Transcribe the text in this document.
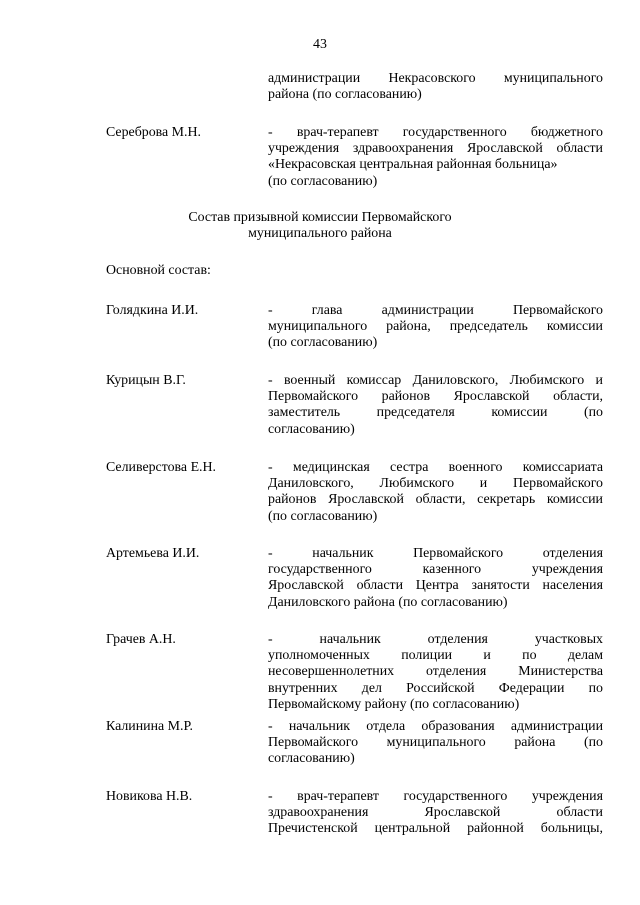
43
администрации Некрасовского муниципального
района (по согласованию)
Сереброва М.Н.	- врач-терапевт государственного бюджетного
учреждения здравоохранения Ярославской области
«Некрасовская центральная районная больница»
(по согласованию)
Состав призывной комиссии Первомайского
муниципального района
Основной состав:
Голядкина И.И.	- глава администрации Первомайского
муниципального района, председатель комиссии
(по согласованию)
Курицын В.Г.	- военный комиссар Даниловского, Любимского и
Первомайского районов Ярославской области,
заместитель председателя комиссии (по
согласованию)
Селиверстова Е.Н.	- медицинская сестра военного комиссариата
Даниловского, Любимского и Первомайского
районов Ярославской области, секретарь комиссии
(по согласованию)
Артемьева И.И.	- начальник Первомайского отделения
государственного казенного учреждения
Ярославской области Центра занятости населения
Даниловского района (по согласованию)
Грачев А.Н.	- начальник отделения участковых
уполномоченных полиции и по делам
несовершеннолетних отделения Министерства
внутренних дел Российской Федерации по
Первомайскому району (по согласованию)
Калинина М.Р.	- начальник отдела образования администрации
Первомайского муниципального района (по
согласованию)
Новикова Н.В.	- врач-терапевт государственного учреждения
здравоохранения Ярославской области
Пречистенской центральной районной больницы,
